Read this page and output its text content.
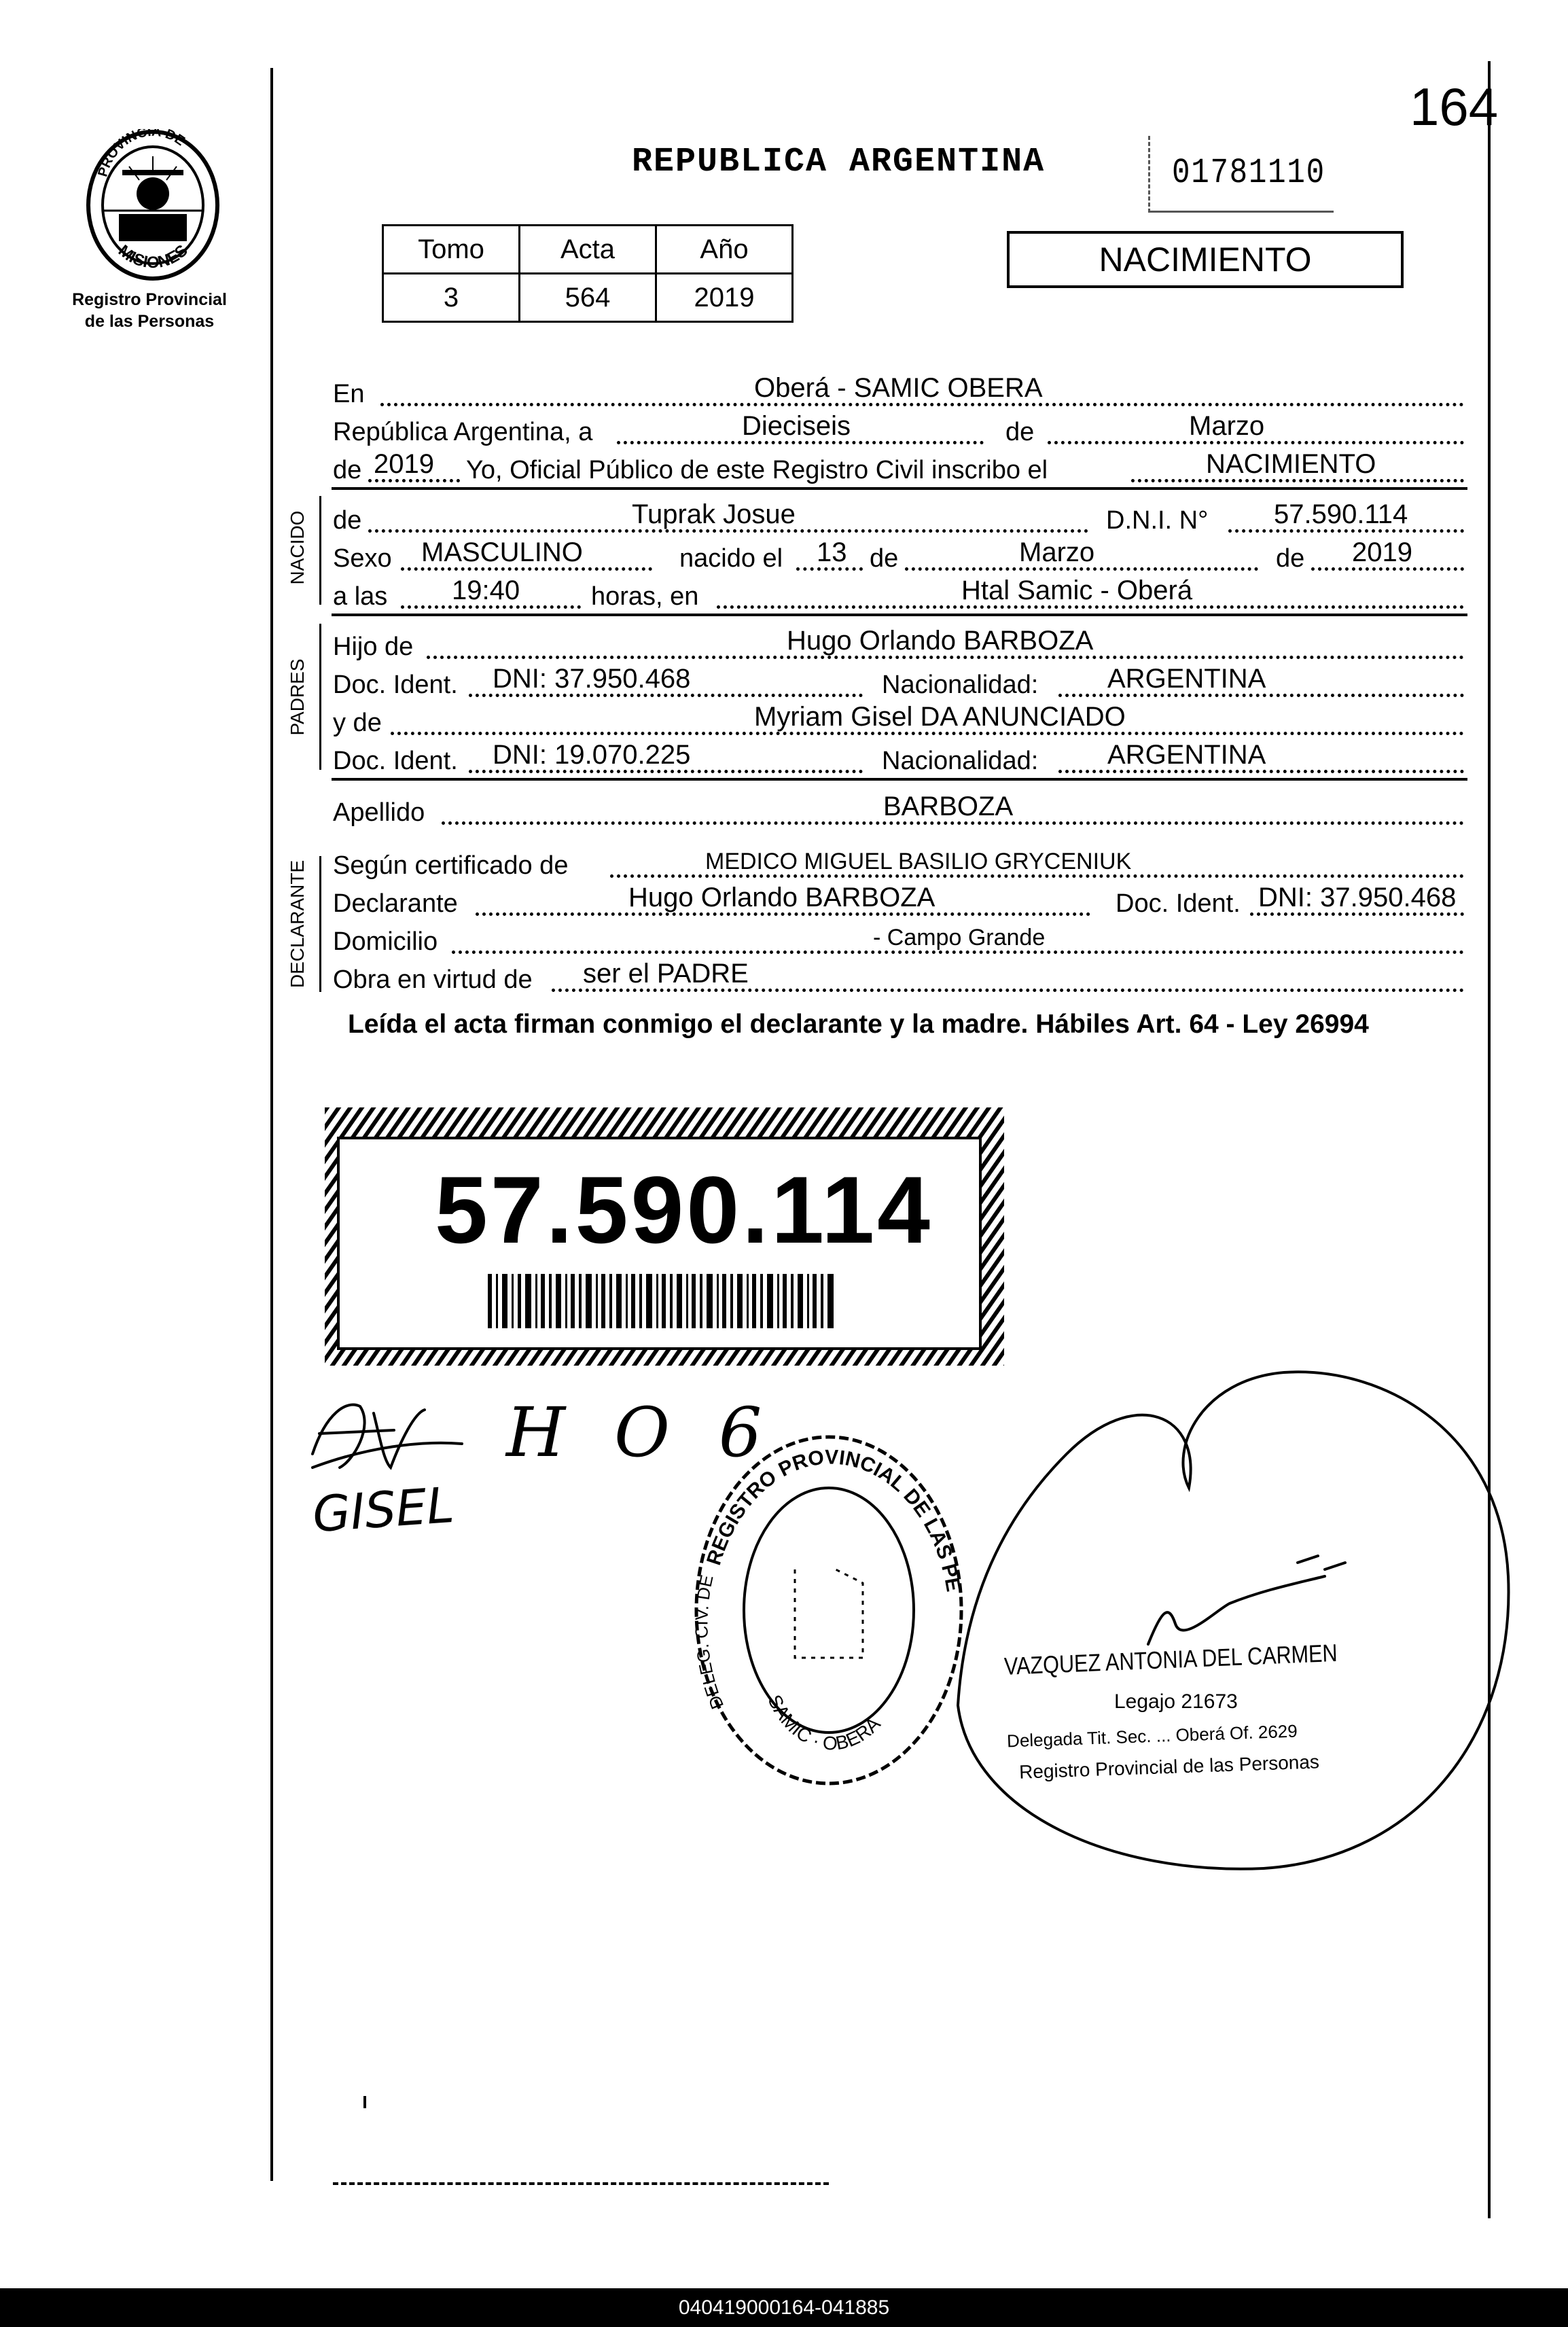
164
PROVINCIA DE
MISIONES
Registro Provincial
de las Personas
REPUBLICA ARGENTINA	01781110
Tomo	Acta	Año
3	564	2019
NACIMIENTO
En	Oberá - SAMIC OBERA
República Argentina, a	Dieciseis	de	Marzo
de 2019 Yo, Oficial Público de este Registro Civil inscribo el	NACIMIENTO
NACIDO de	Tuprak Josue	D.N.I. N° 57.590.114
Sexo MASCULINO	nacido el 13 de	Marzo	de 2019
a las 19:40	horas, en	Htal Samic - Oberá
PADRES
Hijo de	Hugo Orlando BARBOZA
Doc. Ident. DNI: 37.950.468	Nacionalidad:	ARGENTINA
y de	Myriam Gisel DA ANUNCIADO
Doc. Ident. DNI: 19.070.225	Nacionalidad:	ARGENTINA
Apellido	BARBOZA
DECLARANTE Según certificado de	MEDICO MIGUEL BASILIO GRYCENIUK
Declarante	Hugo Orlando BARBOZA	Doc. Ident. DNI: 37.950.468
Domicilio	- Campo Grande
Obra en virtud de ser el PADRE
Leída el acta firman conmigo el declarante y la madre. Hábiles Art. 64 - Ley 26994
57.590.114
H O 6
GISEL
REGISTRO PROVINCIAL DE LAS PE
DELEG. CIV. DE
SAMIC · OBERA
VAZQUEZ ANTONIA DEL CARMEN
Legajo 21673
Delegada Tit. Sec. ... Oberá Of. 2629
Registro Provincial de las Personas
040419000164-041885
